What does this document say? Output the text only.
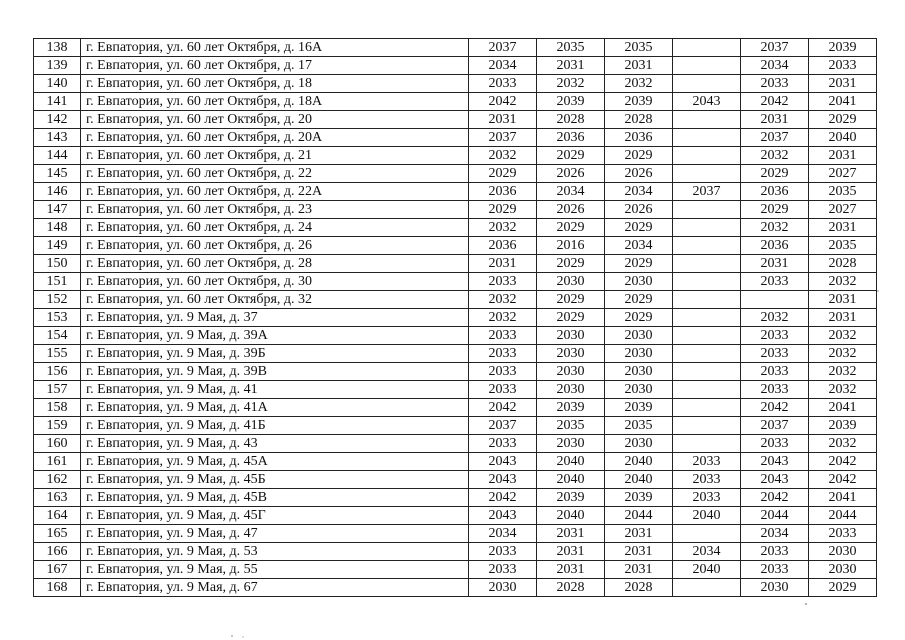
138	г. Евпатория, ул. 60 лет Октября, д. 16А	2037	2035	2035		2037	2039
139	г. Евпатория, ул. 60 лет Октября, д. 17	2034	2031	2031		2034	2033
140	г. Евпатория, ул. 60 лет Октября, д. 18	2033	2032	2032		2033	2031
141	г. Евпатория, ул. 60 лет Октября, д. 18А	2042	2039	2039	2043	2042	2041
142	г. Евпатория, ул. 60 лет Октября, д. 20	2031	2028	2028		2031	2029
143	г. Евпатория, ул. 60 лет Октября, д. 20А	2037	2036	2036		2037	2040
144	г. Евпатория, ул. 60 лет Октября, д. 21	2032	2029	2029		2032	2031
145	г. Евпатория, ул. 60 лет Октября, д. 22	2029	2026	2026		2029	2027
146	г. Евпатория, ул. 60 лет Октября, д. 22А	2036	2034	2034	2037	2036	2035
147	г. Евпатория, ул. 60 лет Октября, д. 23	2029	2026	2026		2029	2027
148	г. Евпатория, ул. 60 лет Октября, д. 24	2032	2029	2029		2032	2031
149	г. Евпатория, ул. 60 лет Октября, д. 26	2036	2016	2034		2036	2035
150	г. Евпатория, ул. 60 лет Октября, д. 28	2031	2029	2029		2031	2028
151	г. Евпатория, ул. 60 лет Октября, д. 30	2033	2030	2030		2033	2032
152	г. Евпатория, ул. 60 лет Октября, д. 32	2032	2029	2029			2031
153	г. Евпатория, ул. 9 Мая, д. 37	2032	2029	2029		2032	2031
154	г. Евпатория, ул. 9 Мая, д. 39А	2033	2030	2030		2033	2032
155	г. Евпатория, ул. 9 Мая, д. 39Б	2033	2030	2030		2033	2032
156	г. Евпатория, ул. 9 Мая, д. 39В	2033	2030	2030		2033	2032
157	г. Евпатория, ул. 9 Мая, д. 41	2033	2030	2030		2033	2032
158	г. Евпатория, ул. 9 Мая, д. 41А	2042	2039	2039		2042	2041
159	г. Евпатория, ул. 9 Мая, д. 41Б	2037	2035	2035		2037	2039
160	г. Евпатория, ул. 9 Мая, д. 43	2033	2030	2030		2033	2032
161	г. Евпатория, ул. 9 Мая, д. 45А	2043	2040	2040	2033	2043	2042
162	г. Евпатория, ул. 9 Мая, д. 45Б	2043	2040	2040	2033	2043	2042
163	г. Евпатория, ул. 9 Мая, д. 45В	2042	2039	2039	2033	2042	2041
164	г. Евпатория, ул. 9 Мая, д. 45Г	2043	2040	2044	2040	2044	2044
165	г. Евпатория, ул. 9 Мая, д. 47	2034	2031	2031		2034	2033
166	г. Евпатория, ул. 9 Мая, д. 53	2033	2031	2031	2034	2033	2030
167	г. Евпатория, ул. 9 Мая, д. 55	2033	2031	2031	2040	2033	2030
168	г. Евпатория, ул. 9 Мая, д. 67	2030	2028	2028		2030	2029
